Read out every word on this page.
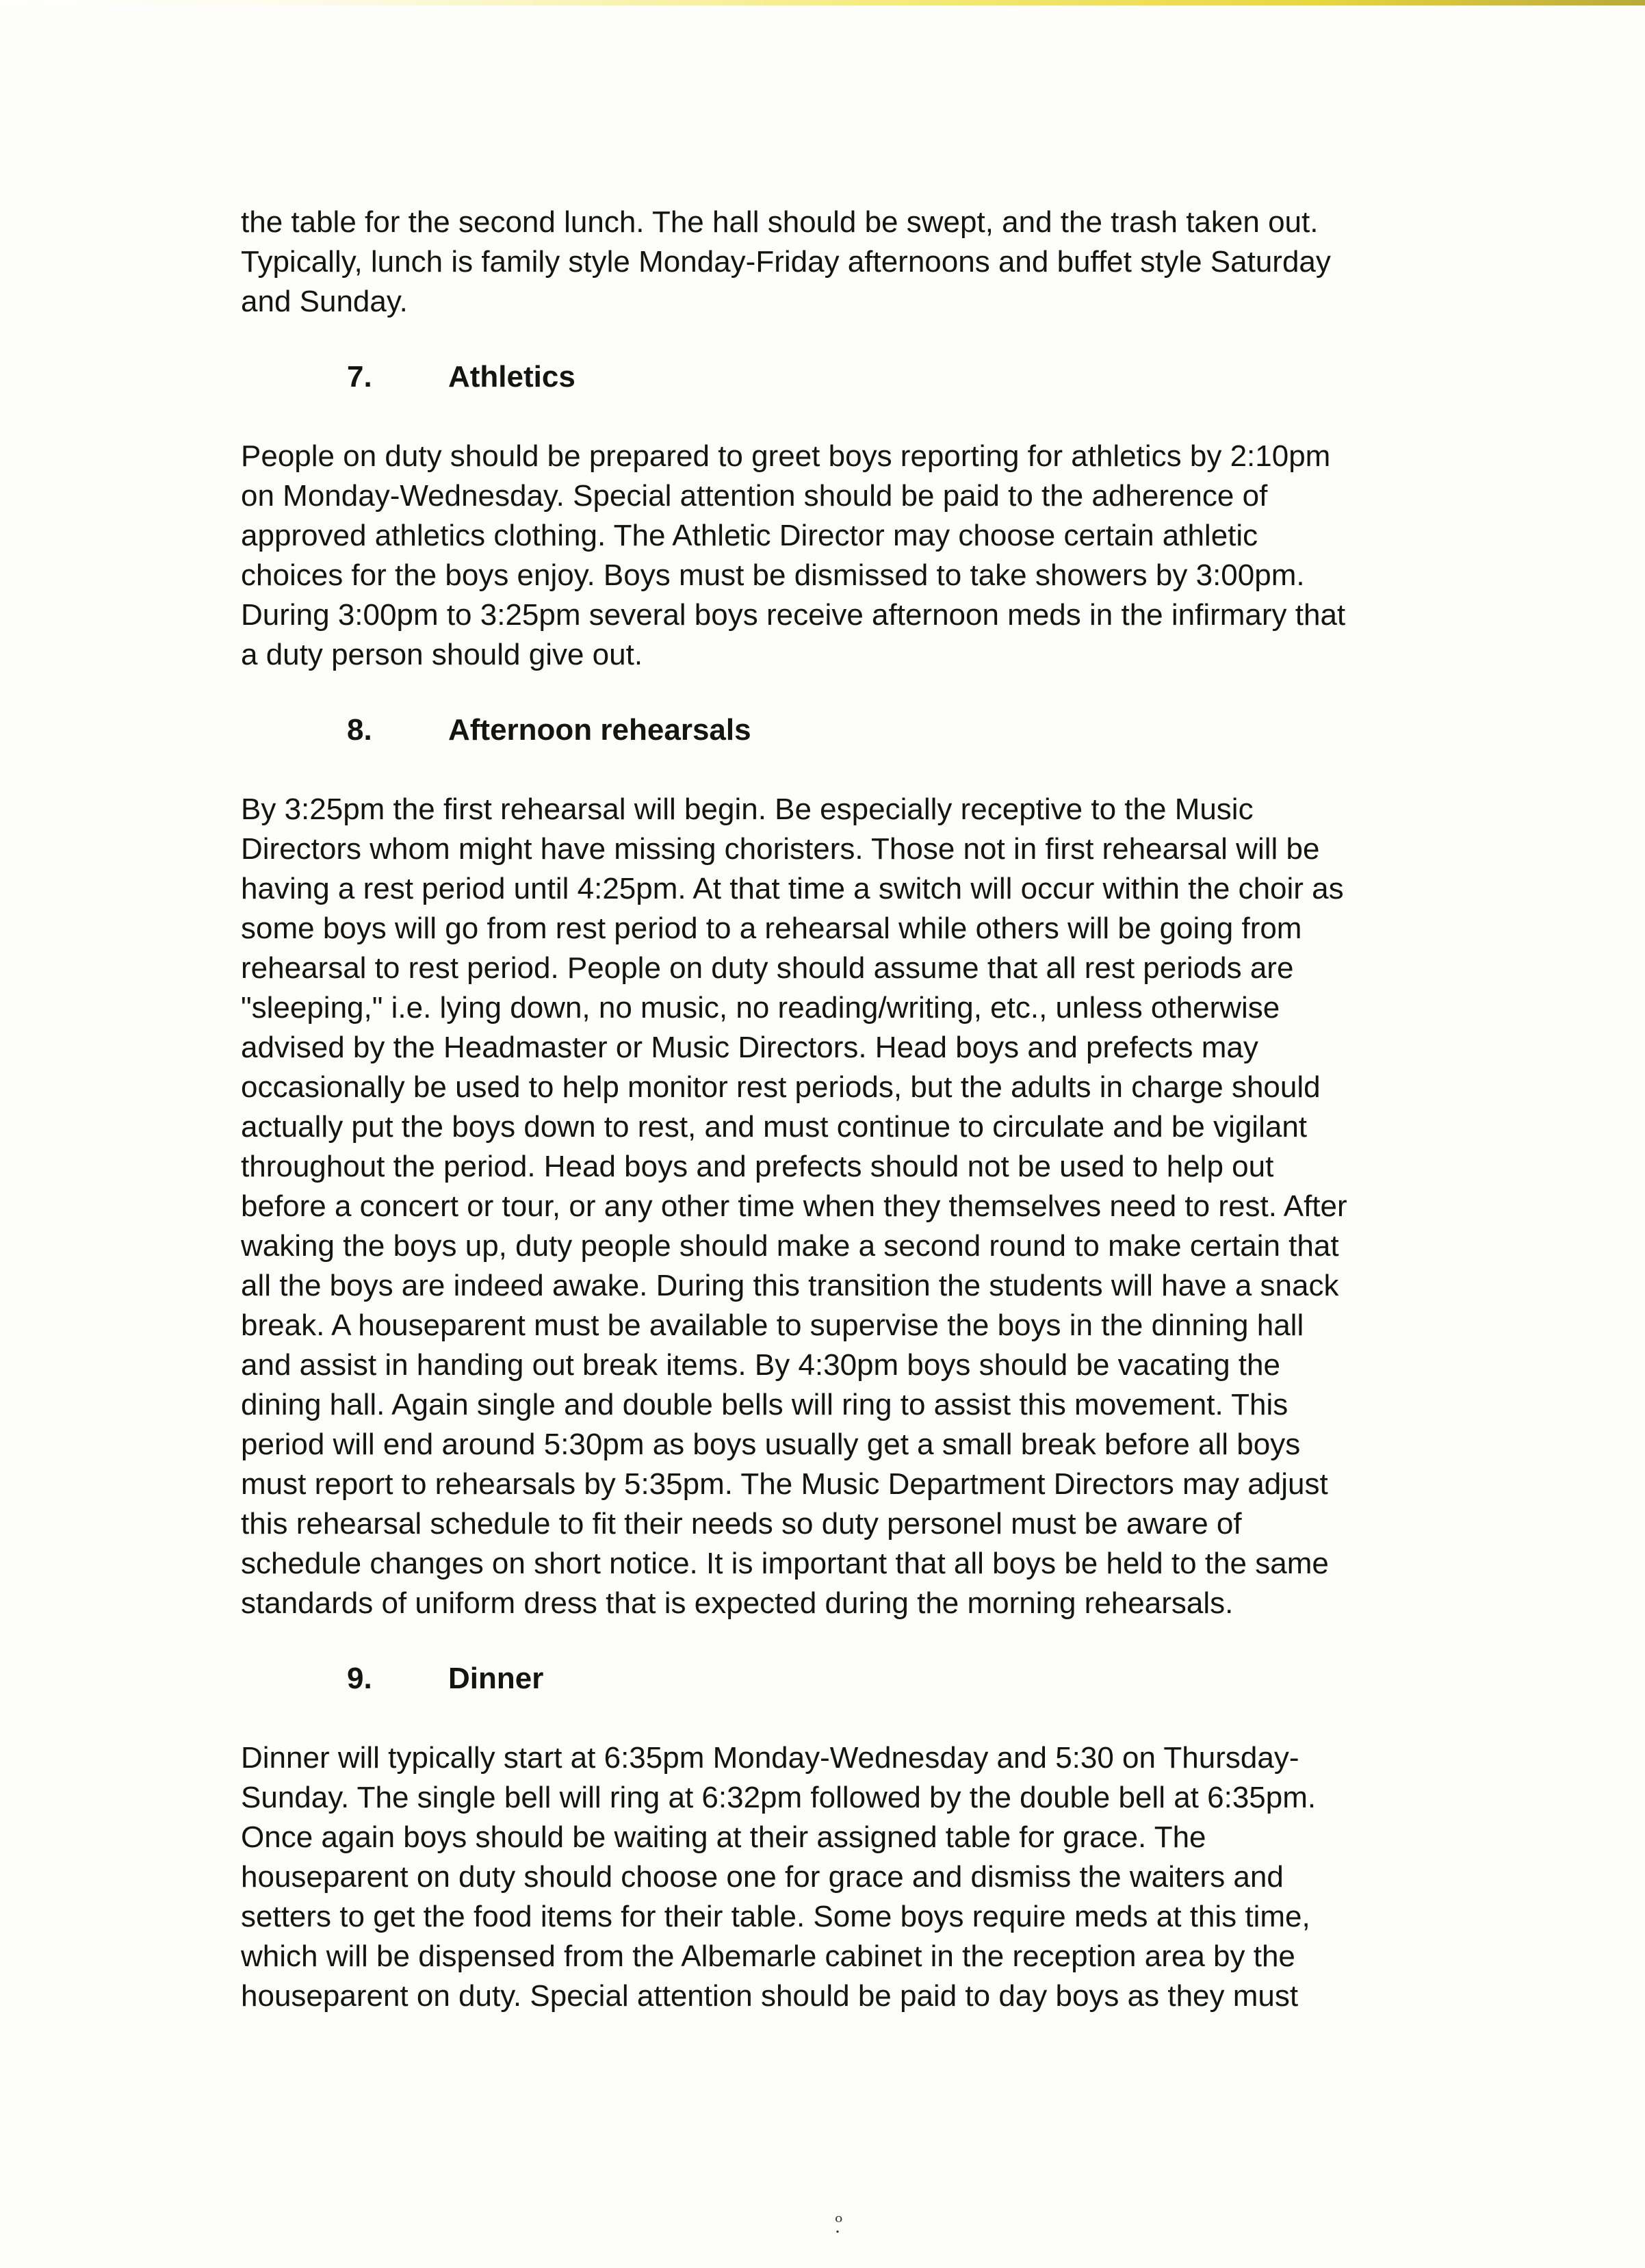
the table for the second lunch. The hall should be swept, and the trash taken out.
Typically, lunch is family style Monday-Friday afternoons and buffet style Saturday
and Sunday.
7.	Athletics
People on duty should be prepared to greet boys reporting for athletics by 2:10pm
on Monday-Wednesday. Special attention should be paid to the adherence of
approved athletics clothing. The Athletic Director may choose certain athletic
choices for the boys enjoy. Boys must be dismissed to take showers by 3:00pm.
During 3:00pm to 3:25pm several boys receive afternoon meds in the infirmary that
a duty person should give out.
8.	Afternoon rehearsals
By 3:25pm the first rehearsal will begin. Be especially receptive to the Music
Directors whom might have missing choristers. Those not in first rehearsal will be
having a rest period until 4:25pm. At that time a switch will occur within the choir as
some boys will go from rest period to a rehearsal while others will be going from
rehearsal to rest period. People on duty should assume that all rest periods are
"sleeping," i.e. lying down, no music, no reading/writing, etc., unless otherwise
advised by the Headmaster or Music Directors. Head boys and prefects may
occasionally be used to help monitor rest periods, but the adults in charge should
actually put the boys down to rest, and must continue to circulate and be vigilant
throughout the period. Head boys and prefects should not be used to help out
before a concert or tour, or any other time when they themselves need to rest. After
waking the boys up, duty people should make a second round to make certain that
all the boys are indeed awake. During this transition the students will have a snack
break. A houseparent must be available to supervise the boys in the dinning hall
and assist in handing out break items. By 4:30pm boys should be vacating the
dining hall. Again single and double bells will ring to assist this movement. This
period will end around 5:30pm as boys usually get a small break before all boys
must report to rehearsals by 5:35pm. The Music Department Directors may adjust
this rehearsal schedule to fit their needs so duty personel must be aware of
schedule changes on short notice. It is important that all boys be held to the same
standards of uniform dress that is expected during the morning rehearsals.
9.	Dinner
Dinner will typically start at 6:35pm Monday-Wednesday and 5:30 on Thursday-
Sunday. The single bell will ring at 6:32pm followed by the double bell at 6:35pm.
Once again boys should be waiting at their assigned table for grace. The
houseparent on duty should choose one for grace and dismiss the waiters and
setters to get the food items for their table. Some boys require meds at this time,
which will be dispensed from the Albemarle cabinet in the reception area by the
houseparent on duty. Special attention should be paid to day boys as they must
ᵒ̣
